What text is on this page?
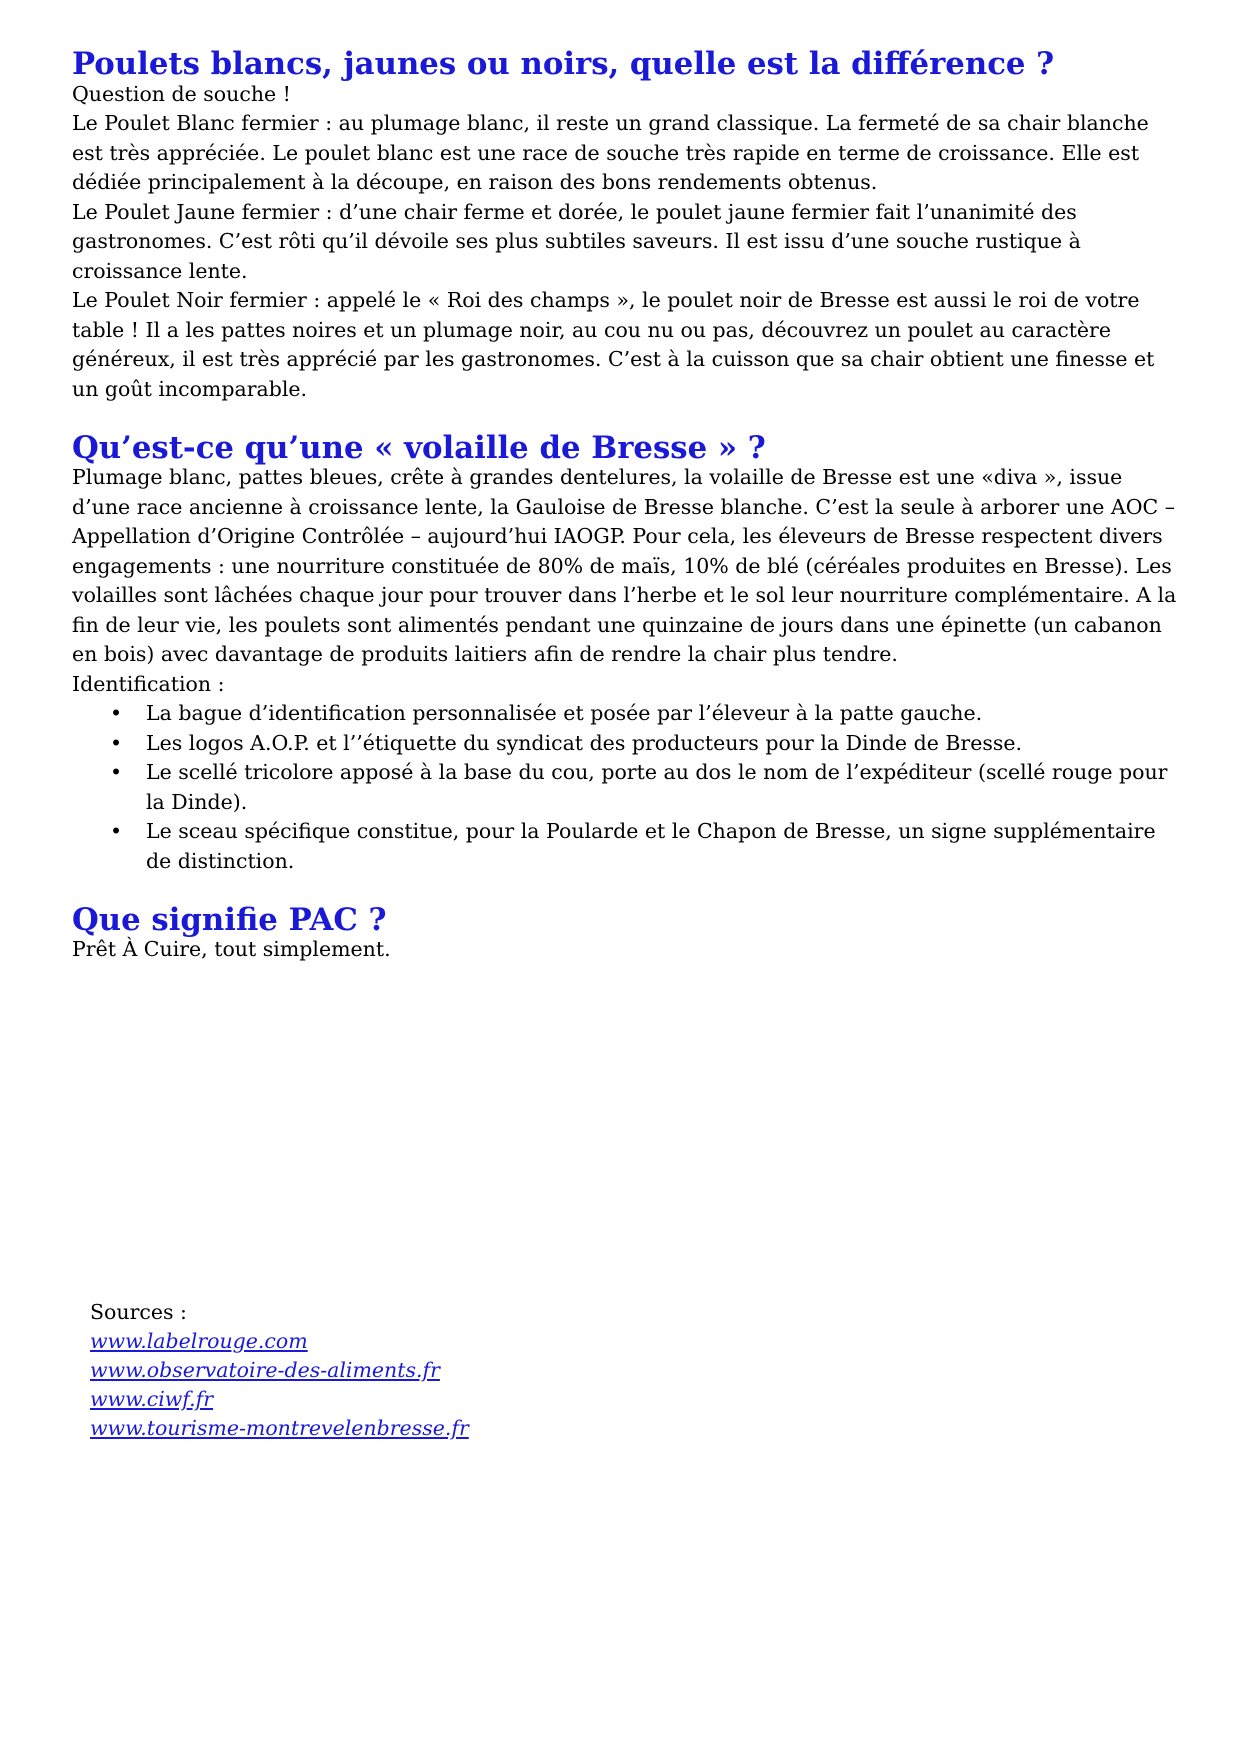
Poulets blancs, jaunes ou noirs, quelle est la différence ?

Question de souche !

Le Poulet Blanc fermier : au plumage blanc, il reste un grand classique. La fermeté de sa chair blanche est très appréciée. Le poulet blanc est une race de souche très rapide en terme de croissance. Elle est dédiée principalement à la découpe, en raison des bons rendements obtenus.

Le Poulet Jaune fermier : d’une chair ferme et dorée, le poulet jaune fermier fait l’unanimité des gastronomes. C’est rôti qu’il dévoile ses plus subtiles saveurs. Il est issu d’une souche rustique à croissance lente.

Le Poulet Noir fermier : appelé le « Roi des champs », le poulet noir de Bresse est aussi le roi de votre table ! Il a les pattes noires et un plumage noir, au cou nu ou pas, découvrez un poulet au caractère généreux, il est très apprécié par les gastronomes. C’est à la cuisson que sa chair obtient une finesse et un goût incomparable.

Qu’est-ce qu’une « volaille de Bresse » ?

Plumage blanc, pattes bleues, crête à grandes dentelures, la volaille de Bresse est une «diva », issue d’une race ancienne à croissance lente, la Gauloise de Bresse blanche. C’est la seule à arborer une AOC – Appellation d’Origine Contrôlée – aujourd’hui IAOGP. Pour cela, les éleveurs de Bresse respectent divers engagements : une nourriture constituée de 80% de maïs, 10% de blé (céréales produites en Bresse). Les volailles sont lâchées chaque jour pour trouver dans l’herbe et le sol leur nourriture complémentaire. A la fin de leur vie, les poulets sont alimentés pendant une quinzaine de jours dans une épinette (un cabanon en bois) avec davantage de produits laitiers afin de rendre la chair plus tendre.

Identification :

• La bague d’identification personnalisée et posée par l’éleveur à la patte gauche.
• Les logos A.O.P. et l’’étiquette du syndicat des producteurs pour la Dinde de Bresse.
• Le scellé tricolore apposé à la base du cou, porte au dos le nom de l’expéditeur (scellé rouge pour la Dinde).
• Le sceau spécifique constitue, pour la Poularde et le Chapon de Bresse, un signe supplémentaire de distinction.
Que signifie PAC ?

Prêt À Cuire, tout simplement.

Sources :
www.labelrouge.com
www.observatoire-des-aliments.fr
www.ciwf.fr
www.tourisme-montrevelenbresse.fr
